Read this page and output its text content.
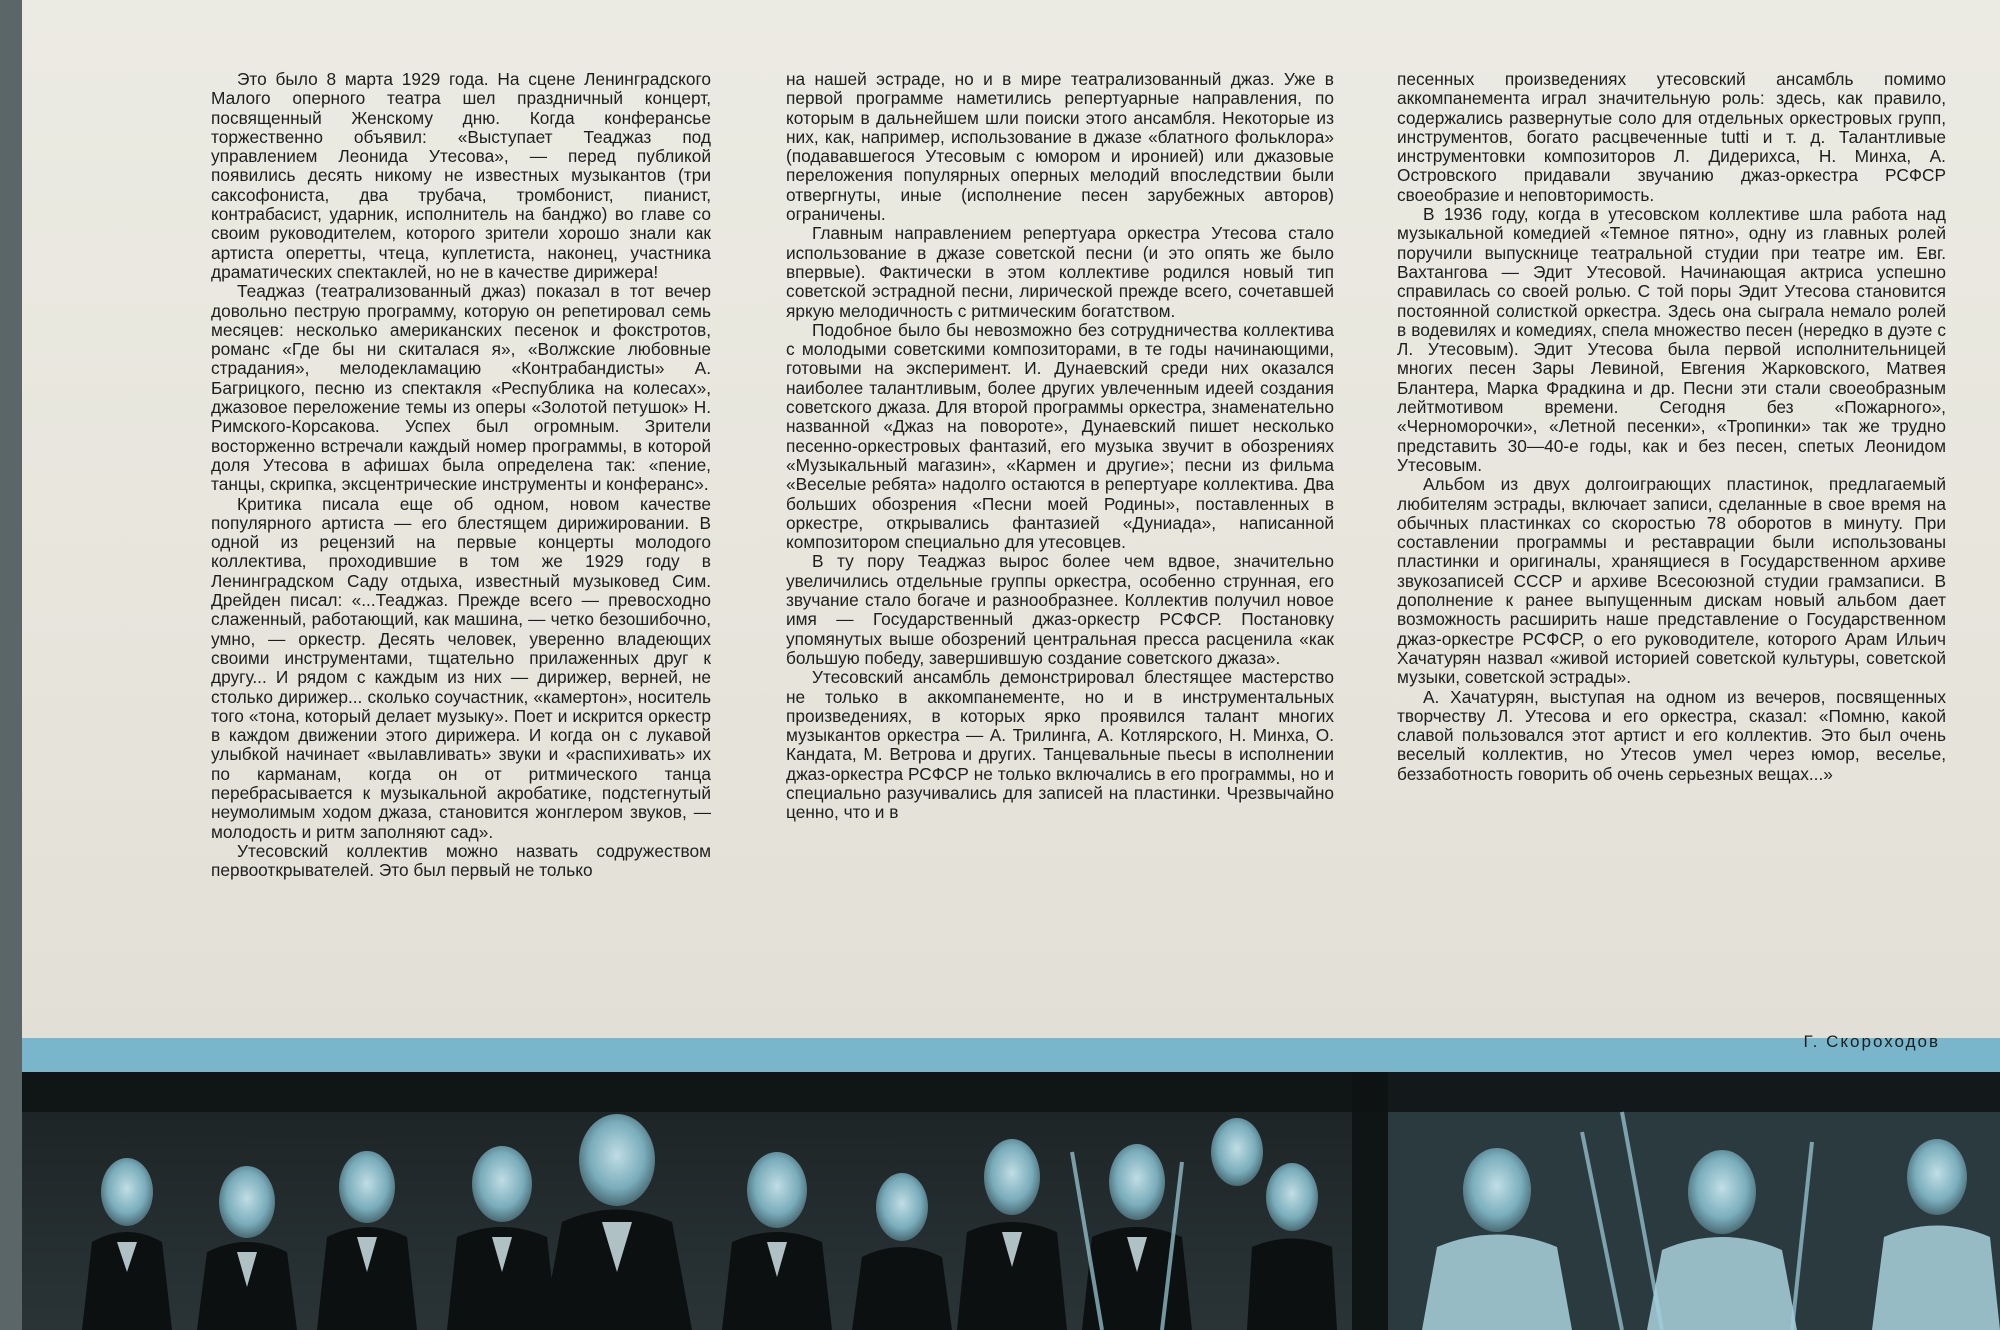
Это было 8 марта 1929 года. На сцене Ленинградского Малого оперного театра шел праздничный концерт, посвященный Женскому дню. Когда конферансье торжественно объявил: «Выступает Теаджаз под управлением Леонида Утесова», — перед публикой появились десять никому не известных музыкантов (три саксофониста, два трубача, тромбонист, пианист, контрабасист, ударник, исполнитель на банджо) во главе со своим руководителем, которого зрители хорошо знали как артиста оперетты, чтеца, куплетиста, наконец, участника драматических спектаклей, но не в качестве дирижера!

Теаджаз (театрализованный джаз) показал в тот вечер довольно пеструю программу, которую он репетировал семь месяцев: несколько американских песенок и фокстротов, романс «Где бы ни скиталася я», «Волжские любовные страдания», мелодекламацию «Контрабандисты» А. Багрицкого, песню из спектакля «Республика на колесах», джазовое переложение темы из оперы «Золотой петушок» Н. Римского-Корсакова. Успех был огромным. Зрители восторженно встречали каждый номер программы, в которой доля Утесова в афишах была определена так: «пение, танцы, скрипка, эксцентрические инструменты и конферанс».

Критика писала еще об одном, новом качестве популярного артиста — его блестящем дирижировании. В одной из рецензий на первые концерты молодого коллектива, проходившие в том же 1929 году в Ленинградском Саду отдыха, известный музыковед Сим. Дрейден писал: «...Теаджаз. Прежде всего — превосходно слаженный, работающий, как машина, — четко безошибочно, умно, — оркестр. Десять человек, уверенно владеющих своими инструментами, тщательно прилаженных друг к другу... И рядом с каждым из них — дирижер, верней, не столько дирижер... сколько соучастник, «камертон», носитель того «тона, который делает музыку». Поет и искрится оркестр в каждом движении этого дирижера. И когда он с лукавой улыбкой начинает «вылавливать» звуки и «распихивать» их по карманам, когда он от ритмического танца перебрасывается к музыкальной акробатике, подстегнутый неумолимым ходом джаза, становится жонглером звуков, — молодость и ритм заполняют сад».

Утесовский коллектив можно назвать содружеством первооткрывателей. Это был первый не только

на нашей эстраде, но и в мире театрализованный джаз. Уже в первой программе наметились репертуарные направления, по которым в дальнейшем шли поиски этого ансамбля. Некоторые из них, как, например, использование в джазе «блатного фольклора» (подававшегося Утесовым с юмором и иронией) или джазовые переложения популярных оперных мелодий впоследствии были отвергнуты, иные (исполнение песен зарубежных авторов) ограничены.

Главным направлением репертуара оркестра Утесова стало использование в джазе советской песни (и это опять же было впервые). Фактически в этом коллективе родился новый тип советской эстрадной песни, лирической прежде всего, сочетавшей яркую мелодичность с ритмическим богатством.

Подобное было бы невозможно без сотрудничества коллектива с молодыми советскими композиторами, в те годы начинающими, готовыми на эксперимент. И. Дунаевский среди них оказался наиболее талантливым, более других увлеченным идеей создания советского джаза. Для второй программы оркестра, знаменательно названной «Джаз на повороте», Дунаевский пишет несколько песенно-оркестровых фантазий, его музыка звучит в обозрениях «Музыкальный магазин», «Кармен и другие»; песни из фильма «Веселые ребята» надолго остаются в репертуаре коллектива. Два больших обозрения «Песни моей Родины», поставленных в оркестре, открывались фантазией «Дуниада», написанной композитором специально для утесовцев.

В ту пору Теаджаз вырос более чем вдвое, значительно увеличились отдельные группы оркестра, особенно струнная, его звучание стало богаче и разнообразнее. Коллектив получил новое имя — Государственный джаз-оркестр РСФСР. Постановку упомянутых выше обозрений центральная пресса расценила «как большую победу, завершившую создание советского джаза».

Утесовский ансамбль демонстрировал блестящее мастерство не только в аккомпанементе, но и в инструментальных произведениях, в которых ярко проявился талант многих музыкантов оркестра — А. Трилинга, А. Котлярского, Н. Минха, О. Кандата, М. Ветрова и других. Танцевальные пьесы в исполнении джаз-оркестра РСФСР не только включались в его программы, но и специально разучивались для записей на пластинки. Чрезвычайно ценно, что и в

песенных произведениях утесовский ансамбль помимо аккомпанемента играл значительную роль: здесь, как правило, содержались развернутые соло для отдельных оркестровых групп, инструментов, богато расцвеченные tutti и т. д. Талантливые инструментовки композиторов Л. Дидерихса, Н. Минха, А. Островского придавали звучанию джаз-оркестра РСФСР своеобразие и неповторимость.

В 1936 году, когда в утесовском коллективе шла работа над музыкальной комедией «Темное пятно», одну из главных ролей поручили выпускнице театральной студии при театре им. Евг. Вахтангова — Эдит Утесовой. Начинающая актриса успешно справилась со своей ролью. С той поры Эдит Утесова становится постоянной солисткой оркестра. Здесь она сыграла немало ролей в водевилях и комедиях, спела множество песен (нередко в дуэте с Л. Утесовым). Эдит Утесова была первой исполнительницей многих песен Зары Левиной, Евгения Жарковского, Матвея Блантера, Марка Фрадкина и др. Песни эти стали своеобразным лейтмотивом времени. Сегодня без «Пожарного», «Черноморочки», «Летной песенки», «Тропинки» так же трудно представить 30—40-е годы, как и без песен, спетых Леонидом Утесовым.

Альбом из двух долгоиграющих пластинок, предлагаемый любителям эстрады, включает записи, сделанные в свое время на обычных пластинках со скоростью 78 оборотов в минуту. При составлении программы и реставрации были использованы пластинки и оригиналы, хранящиеся в Государственном архиве звукозаписей СССР и архиве Всесоюзной студии грамзаписи. В дополнение к ранее выпущенным дискам новый альбом дает возможность расширить наше представление о Государственном джаз-оркестре РСФСР, о его руководителе, которого Арам Ильич Хачатурян назвал «живой историей советской культуры, советской музыки, советской эстрады».

А. Хачатурян, выступая на одном из вечеров, посвященных творчеству Л. Утесова и его оркестра, сказал: «Помню, какой славой пользовался этот артист и его коллектив. Это был очень веселый коллектив, но Утесов умел через юмор, веселье, беззаботность говорить об очень серьезных вещах...»

Г. Скороходов
